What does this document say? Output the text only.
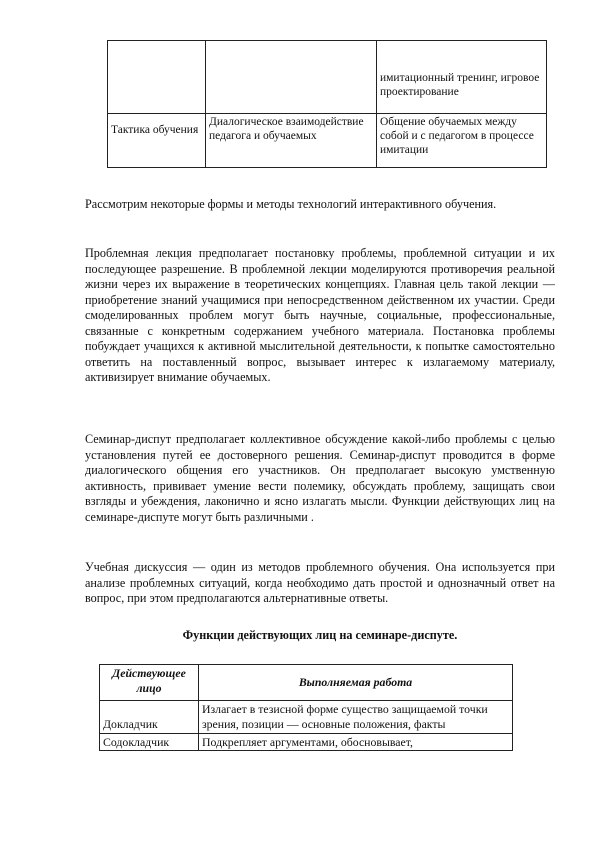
		имитационный тренинг, игровое проектирование
Тактика обучения	Диалогическое взаимодействие педагога и обучаемых	Общение обучаемых между собой и с педагогом в процессе имитации

Рассмотрим некоторые формы и методы технологий интерактивного обучения.

Проблемная лекция предполагает постановку проблемы, проблемной ситуации и их последующее разрешение. В проблемной лекции моделируются противоречия реальной жизни через их выражение в теоретических концепциях. Главная цель такой лекции — приобретение знаний учащимися при непосредственном действенном их участии. Среди смоделированных проблем могут быть научные, социальные, профессиональные, связанные с конкретным содержанием учебного материала. Постановка проблемы побуждает учащихся к активной мыслительной деятельности, к попытке самостоятельно ответить на поставленный вопрос, вызывает интерес к излагаемому материалу, активизирует внимание обучаемых.

Семинар-диспут предполагает коллективное обсуждение какой-либо проблемы с целью установления путей ее достоверного решения. Семинар-диспут проводится в форме диалогического общения его участников. Он предполагает высокую умственную активность, прививает умение вести полемику, обсуждать проблему, защищать свои взгляды и убеждения, лаконично и ясно излагать мысли. Функции действующих лиц на семинаре-диспуте могут быть различными .

Учебная дискуссия — один из методов проблемного обучения. Она используется при анализе проблемных ситуаций, когда необходимо дать простой и однозначный ответ на вопрос, при этом предполагаются альтернативные ответы.

Функции действующих лиц на семинаре-диспуте.
Действующее лицо	Выполняемая работа
Докладчик	Излагает в тезисной форме существо защищаемой точки зрения, позиции — основные положения, факты
Содокладчик	Подкрепляет аргументами, обосновывает,
